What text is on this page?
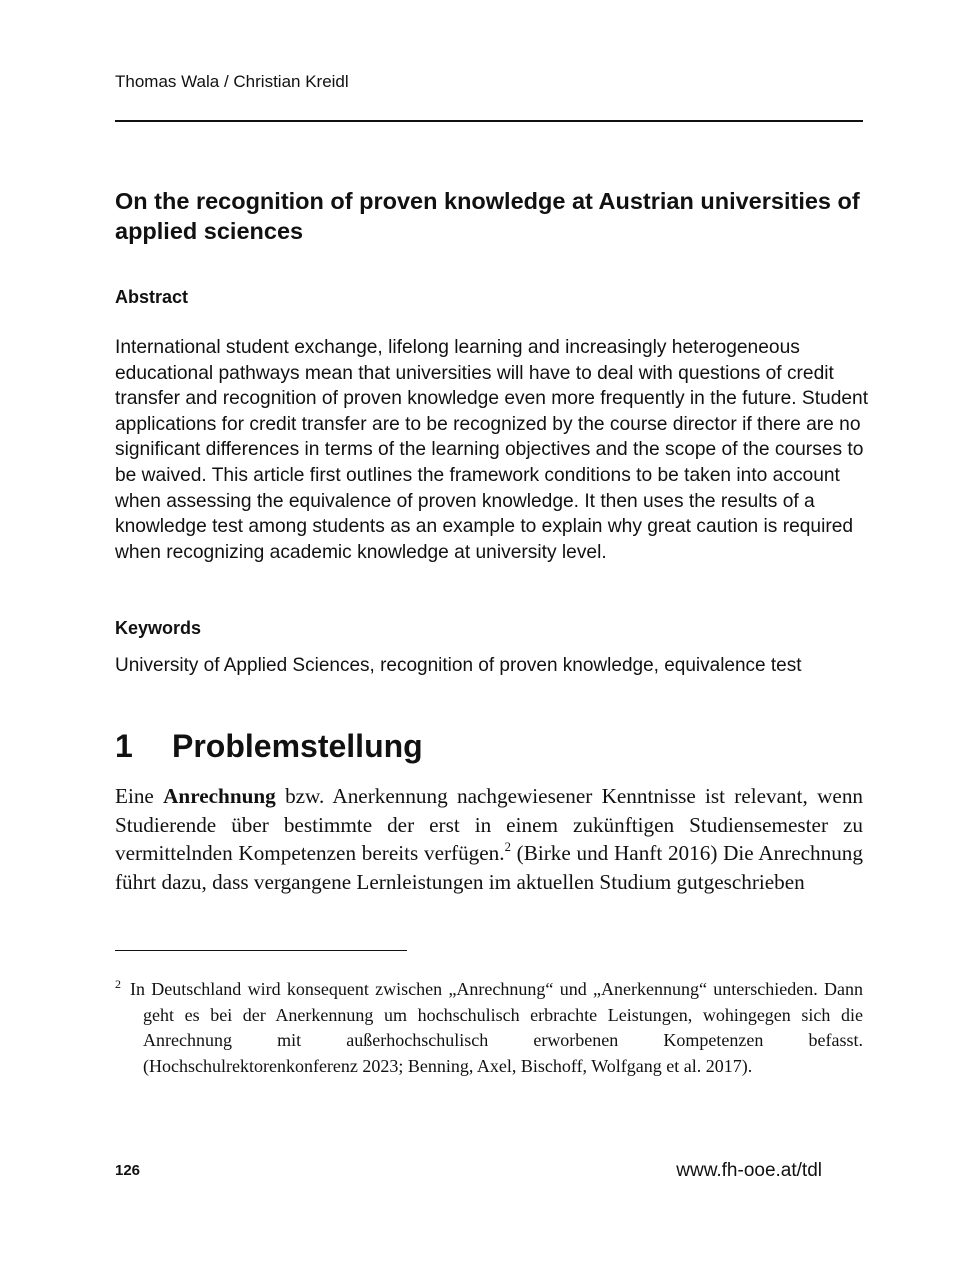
Thomas Wala / Christian Kreidl
On the recognition of proven knowledge at Austrian universities of applied sciences
Abstract

International student exchange, lifelong learning and increasingly heterogeneous educational pathways mean that universities will have to deal with questions of credit transfer and recognition of proven knowledge even more frequently in the future. Student applications for credit transfer are to be recognized by the course director if there are no significant differences in terms of the learning objectives and the scope of the courses to be waived. This article first outlines the framework conditions to be taken into account when assessing the equivalence of proven knowledge. It then uses the results of a knowledge test among students as an example to explain why great caution is required when recognizing academic knowledge at university level.

Keywords

University of Applied Sciences, recognition of proven knowledge, equivalence test

1 Problemstellung

Eine Anrechnung bzw. Anerkennung nachgewiesener Kenntnisse ist relevant, wenn Studierende über bestimmte der erst in einem zukünftigen Studiensemester zu vermittelnden Kompetenzen bereits verfügen.$^2$ (Birke und Hanft 2016) Die Anrechnung führt dazu, dass vergangene Lernleistungen im aktuellen Studium gutgeschrieben

2 In Deutschland wird konsequent zwischen „Anrechnung“ und „Anerkennung“ unterschieden. Dann geht es bei der Anerkennung um hochschulisch erbrachte Leistungen, wohingegen sich die Anrechnung mit außerhochschulisch erworbenen Kompetenzen befasst. (Hochschulrektorenkonferenz 2023; Benning, Axel, Bischoff, Wolfgang et al. 2017).
126	www.fh-ooe.at/tdl
